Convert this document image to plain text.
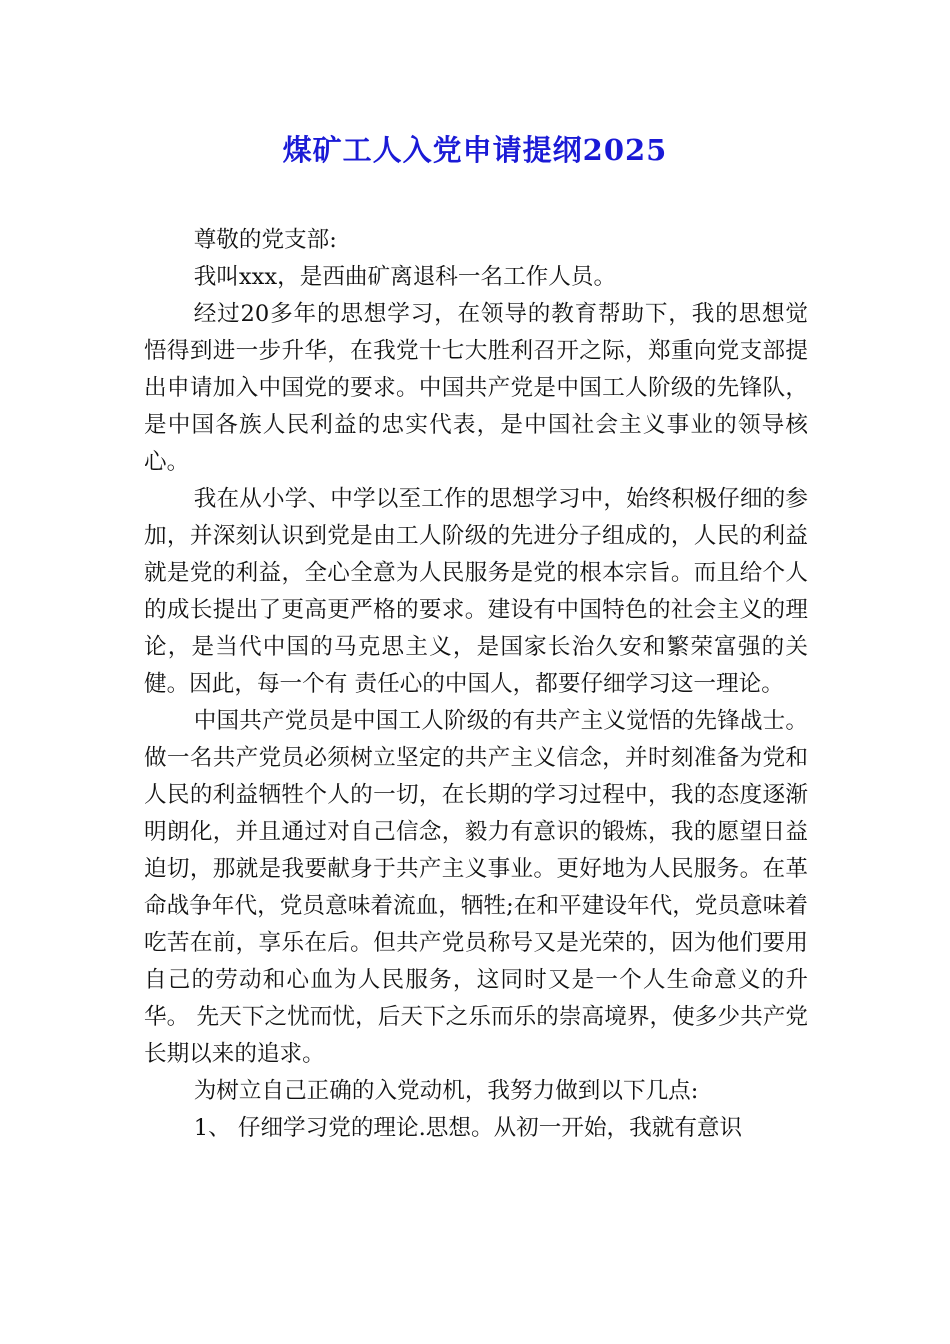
煤矿工人入党申请提纲2025

尊敬的党支部:

我叫xxx，是西曲矿离退科一名工作人员。

经过20多年的思想学习，在领导的教育帮助下，我的思想觉悟得到进一步升华，在我党十七大胜利召开之际，郑重向党支部提出申请加入中国党的要求。中国共产党是中国工人阶级的先锋队，是中国各族人民利益的忠实代表，是中国社会主义事业的领导核心。

我在从小学、中学以至工作的思想学习中，始终积极仔细的参加，并深刻认识到党是由工人阶级的先进分子组成的，人民的利益就是党的利益，全心全意为人民服务是党的根本宗旨。而且给个人的成长提出了更高更严格的要求。建设有中国特色的社会主义的理论，是当代中国的马克思主义，是国家长治久安和繁荣富强的关健。因此，每一个有 责任心的中国人，都要仔细学习这一理论。

中国共产党员是中国工人阶级的有共产主义觉悟的先锋战士。做一名共产党员必须树立坚定的共产主义信念，并时刻准备为党和人民的利益牺牲个人的一切，在长期的学习过程中，我的态度逐渐明朗化，并且通过对自己信念，毅力有意识的锻炼，我的愿望日益迫切，那就是我要献身于共产主义事业。更好地为人民服务。在革命战争年代，党员意味着流血，牺牲;在和平建设年代，党员意味着吃苦在前，享乐在后。但共产党员称号又是光荣的，因为他们要用自己的劳动和心血为人民服务，这同时又是一个人生命意义的升华。 先天下之忧而忧，后天下之乐而乐的崇高境界，使多少共产党长期以来的追求。

为树立自己正确的入党动机，我努力做到以下几点:

1、 仔细学习党的理论.思想。从初一开始，我就有意识
